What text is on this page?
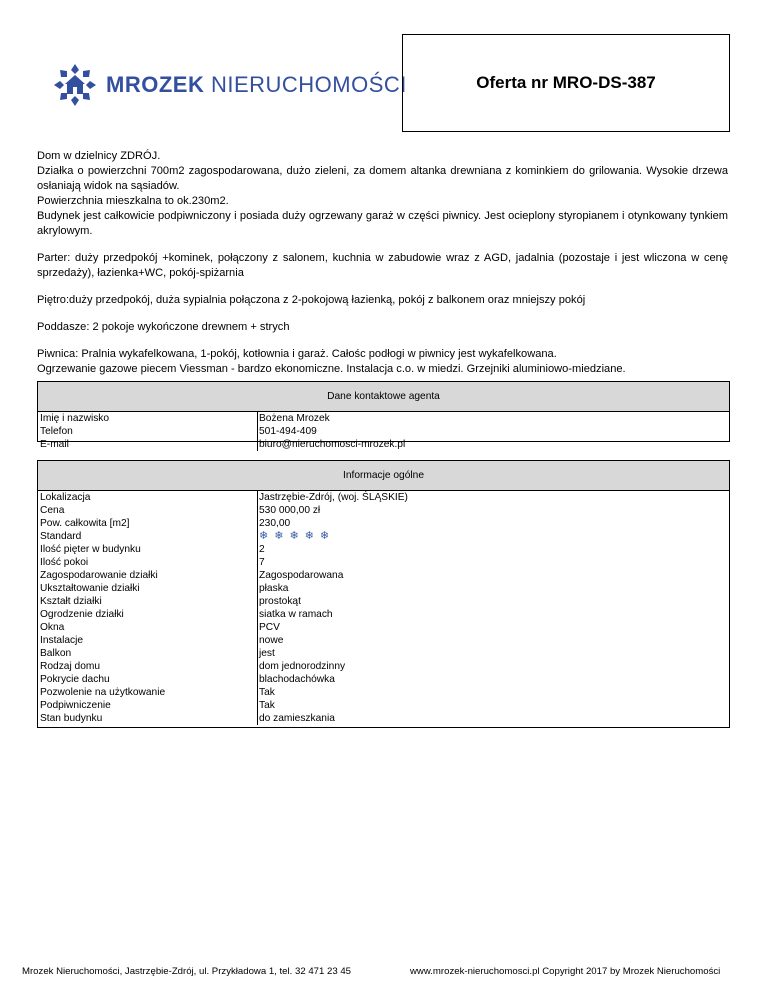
MROZEK NIERUCHOMOŚCI	Oferta nr MRO-DS-387

Dom w dzielnicy ZDRÓJ.

Działka o powierzchni 700m2 zagospodarowana, dużo zieleni, za domem altanka drewniana z kominkiem do grilowania. Wysokie drzewa osłaniają widok na sąsiadów.

Powierzchnia mieszkalna to ok.230m2.

Budynek jest całkowicie podpiwniczony i posiada duży ogrzewany garaż w części piwnicy. Jest ocieplony styropianem i otynkowany tynkiem akrylowym.

Parter: duży przedpokój +kominek, połączony z salonem, kuchnia w zabudowie wraz z AGD, jadalnia (pozostaje i jest wliczona w cenę sprzedaży), łazienka+WC, pokój-spiżarnia

Piętro:duży przedpokój, duża sypialnia połączona z 2-pokojową łazienką, pokój z balkonem oraz mniejszy pokój

Poddasze: 2 pokoje wykończone drewnem + strych

Piwnica: Pralnia wykafelkowana, 1-pokój, kotłownia i garaż. Całośc podłogi w piwnicy jest wykafelkowana.

Ogrzewanie gazowe piecem Viessman - bardzo ekonomiczne. Instalacja c.o. w miedzi. Grzejniki aluminiowo-miedziane.

Dane kontaktowe agenta
Imię i nazwisko
Telefon
E-mail
Bożena Mrozek
501-494-409
biuro@nieruchomosci-mrozek.pl
Informacje ogólne
Lokalizacja
Cena
Pow. całkowita [m2]
Standard
Ilość pięter w budynku
Ilość pokoi
Zagospodarowanie działki
Ukształtowanie działki
Kształt działki
Ogrodzenie działki
Okna
Instalacje
Balkon
Rodzaj domu
Pokrycie dachu
Pozwolenie na użytkowanie
Podpiwniczenie
Stan budynku
Jastrzębie-Zdrój, (woj. ŚLĄSKIE)
530 000,00 zł
230,00
❄ ❄ ❄ ❄ ❄
2
7
Zagospodarowana
płaska
prostokąt
siatka w ramach
PCV
nowe
jest
dom jednorodzinny
blachodachówka
Tak
Tak
do zamieszkania
Mrozek Nieruchomości, Jastrzębie-Zdrój, ul. Przykładowa 1, tel. 32 471 23 45	www.mrozek-nieruchomosci.pl Copyright 2017 by Mrozek Nieruchomości
